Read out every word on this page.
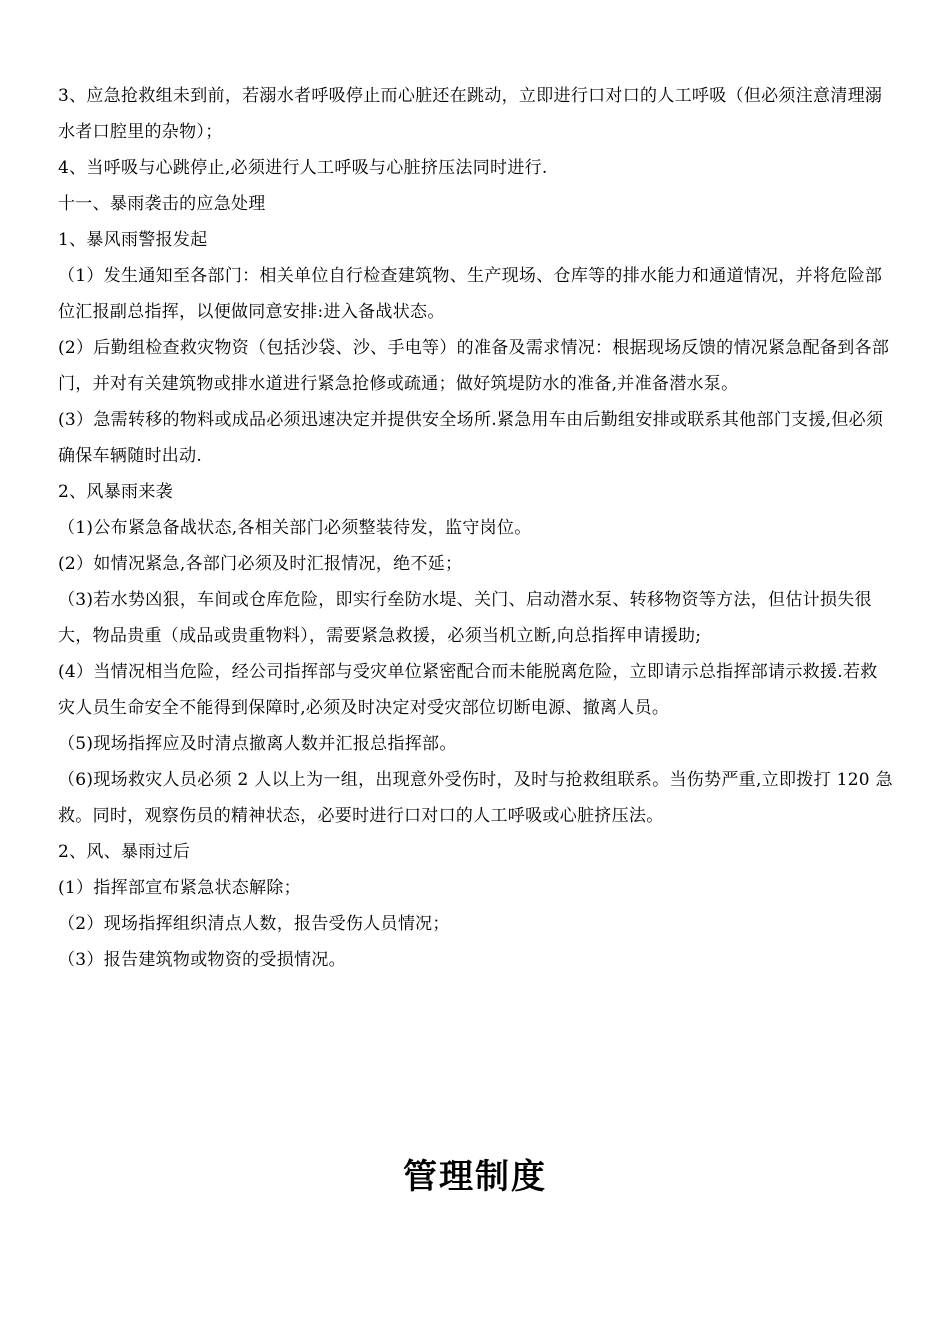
3、应急抢救组未到前，若溺水者呼吸停止而心脏还在跳动，立即进行口对口的人工呼吸（但必须注意清理溺水者口腔里的杂物）；

4、当呼吸与心跳停止,必须进行人工呼吸与心脏挤压法同时进行.

十一、暴雨袭击的应急处理

1、暴风雨警报发起

（1）发生通知至各部门：相关单位自行检查建筑物、生产现场、仓库等的排水能力和通道情况，并将危险部位汇报副总指挥，以便做同意安排:进入备战状态。

(2）后勤组检查救灾物资（包括沙袋、沙、手电等）的准备及需求情况：根据现场反馈的情况紧急配备到各部门，并对有关建筑物或排水道进行紧急抢修或疏通；做好筑堤防水的准备,并准备潜水泵。

(3）急需转移的物料或成品必须迅速决定并提供安全场所.紧急用车由后勤组安排或联系其他部门支援,但必须确保车辆随时出动.

2、风暴雨来袭

（1)公布紧急备战状态,各相关部门必须整装待发，监守岗位。

(2）如情况紧急,各部门必须及时汇报情况，绝不延；

（3)若水势凶狠，车间或仓库危险，即实行垒防水堤、关门、启动潜水泵、转移物资等方法，但估计损失很大，物品贵重（成品或贵重物料），需要紧急救援，必须当机立断,向总指挥申请援助;

(4）当情况相当危险，经公司指挥部与受灾单位紧密配合而未能脱离危险，立即请示总指挥部请示救援.若救灾人员生命安全不能得到保障时,必须及时决定对受灾部位切断电源、撤离人员。

（5)现场指挥应及时清点撤离人数并汇报总指挥部。

（6)现场救灾人员必须 2 人以上为一组，出现意外受伤时，及时与抢救组联系。当伤势严重,立即拨打 120 急救。同时，观察伤员的精神状态，必要时进行口对口的人工呼吸或心脏挤压法。

2、风、暴雨过后

(1）指挥部宣布紧急状态解除；

（2）现场指挥组织清点人数，报告受伤人员情况；

（3）报告建筑物或物资的受损情况。

管理制度
